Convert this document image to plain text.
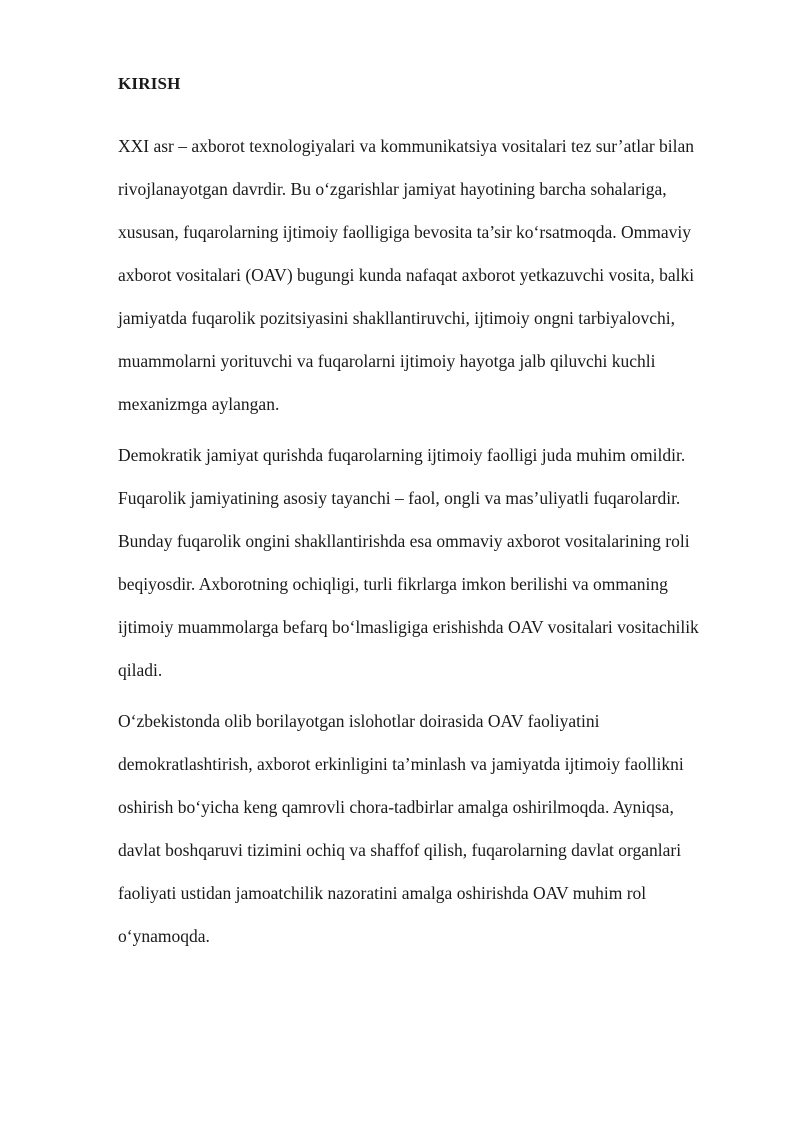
KIRISH

XXI asr – axborot texnologiyalari va kommunikatsiya vositalari tez sur’atlar bilan
rivojlanayotgan davrdir. Bu o‘zgarishlar jamiyat hayotining barcha sohalariga,
xususan, fuqarolarning ijtimoiy faolligiga bevosita ta’sir ko‘rsatmoqda. Ommaviy
axborot vositalari (OAV) bugungi kunda nafaqat axborot yetkazuvchi vosita, balki
jamiyatda fuqarolik pozitsiyasini shakllantiruvchi, ijtimoiy ongni tarbiyalovchi,
muammolarni yorituvchi va fuqarolarni ijtimoiy hayotga jalb qiluvchi kuchli
mexanizmga aylangan.

Demokratik jamiyat qurishda fuqarolarning ijtimoiy faolligi juda muhim omildir.
Fuqarolik jamiyatining asosiy tayanchi – faol, ongli va mas’uliyatli fuqarolardir.
Bunday fuqarolik ongini shakllantirishda esa ommaviy axborot vositalarining roli
beqiyosdir. Axborotning ochiqligi, turli fikrlarga imkon berilishi va ommaning
ijtimoiy muammolarga befarq bo‘lmasligiga erishishda OAV vositalari vositachilik
qiladi.

O‘zbekistonda olib borilayotgan islohotlar doirasida OAV faoliyatini
demokratlashtirish, axborot erkinligini ta’minlash va jamiyatda ijtimoiy faollikni
oshirish bo‘yicha keng qamrovli chora-tadbirlar amalga oshirilmoqda. Ayniqsa,
davlat boshqaruvi tizimini ochiq va shaffof qilish, fuqarolarning davlat organlari
faoliyati ustidan jamoatchilik nazoratini amalga oshirishda OAV muhim rol
o‘ynamoqda.
